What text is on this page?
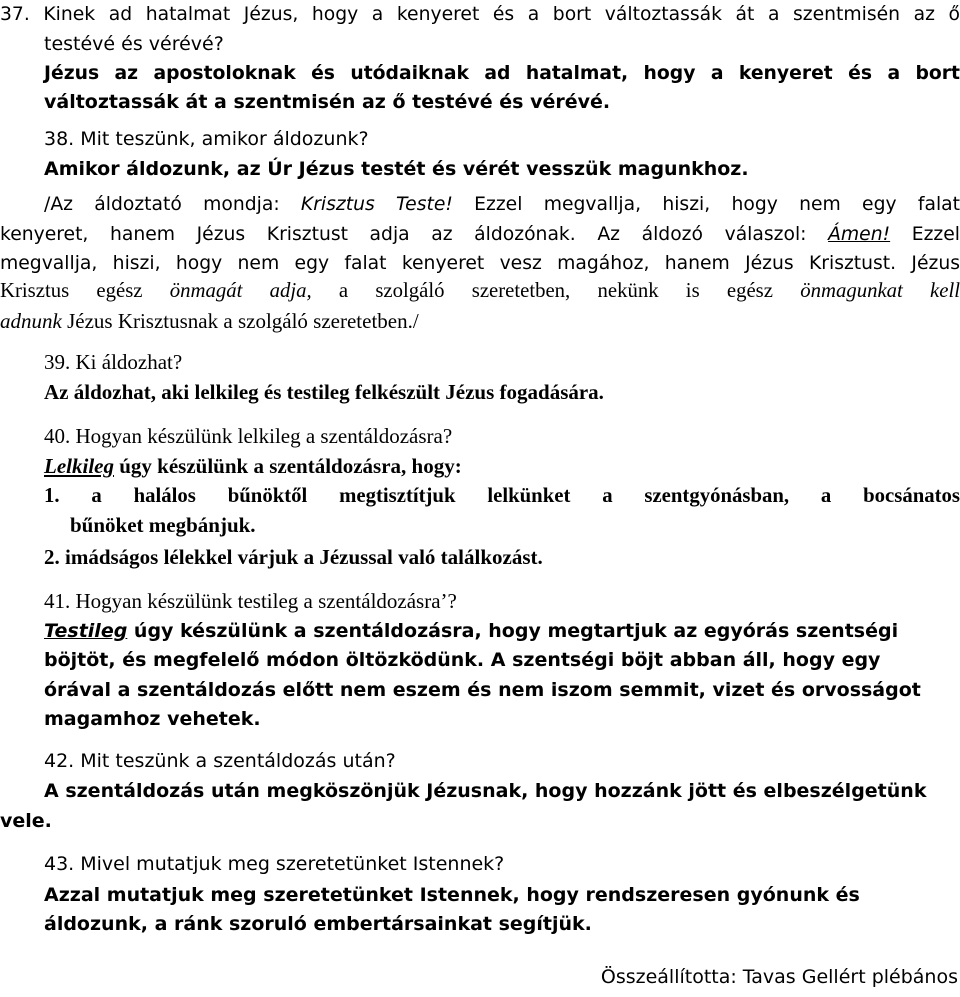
37. Kinek ad hatalmat Jézus, hogy a kenyeret és a bort változtassák át a szentmisén az ő
testévé és vérévé?
Jézus az apostoloknak és utódaiknak ad hatalmat, hogy a kenyeret és a bort
változtassák át a szentmisén az ő testévé és vérévé.
38. Mit teszünk, amikor áldozunk?
Amikor áldozunk, az Úr Jézus testét és vérét vesszük magunkhoz.
/Az áldoztató mondja: Krisztus Teste! Ezzel megvallja, hiszi, hogy nem egy falat
kenyeret, hanem Jézus Krisztust adja az áldozónak. Az áldozó válaszol: Ámen! Ezzel
megvallja, hiszi, hogy nem egy falat kenyeret vesz magához, hanem Jézus Krisztust. Jézus
Krisztus egész önmagát adja, a szolgáló szeretetben, nekünk is egész önmagunkat kell
adnunk Jézus Krisztusnak a szolgáló szeretetben./
39. Ki áldozhat?
Az áldozhat, aki lelkileg és testileg felkészült Jézus fogadására.
40. Hogyan készülünk lelkileg a szentáldozásra?
Lelkileg úgy készülünk a szentáldozásra, hogy:
1. a halálos bűnöktől megtisztítjuk lelkünket a szentgyónásban, a bocsánatos
bűnöket megbánjuk.
2. imádságos lélekkel várjuk a Jézussal való találkozást.
41. Hogyan készülünk testileg a szentáldozásra’?
Testileg úgy készülünk a szentáldozásra, hogy megtartjuk az egyórás szentségi
böjtöt, és megfelelő módon öltözködünk. A szentségi böjt abban áll, hogy egy
órával a szentáldozás előtt nem eszem és nem iszom semmit, vizet és orvosságot
magamhoz vehetek.
42. Mit teszünk a szentáldozás után?
A szentáldozás után megköszönjük Jézusnak, hogy hozzánk jött és elbeszélgetünk
vele.
43. Mivel mutatjuk meg szeretetünket Istennek?
Azzal mutatjuk meg szeretetünket Istennek, hogy rendszeresen gyónunk és
áldozunk, a ránk szoruló embertársainkat segítjük.
Összeállította: Tavas Gellért plébános
